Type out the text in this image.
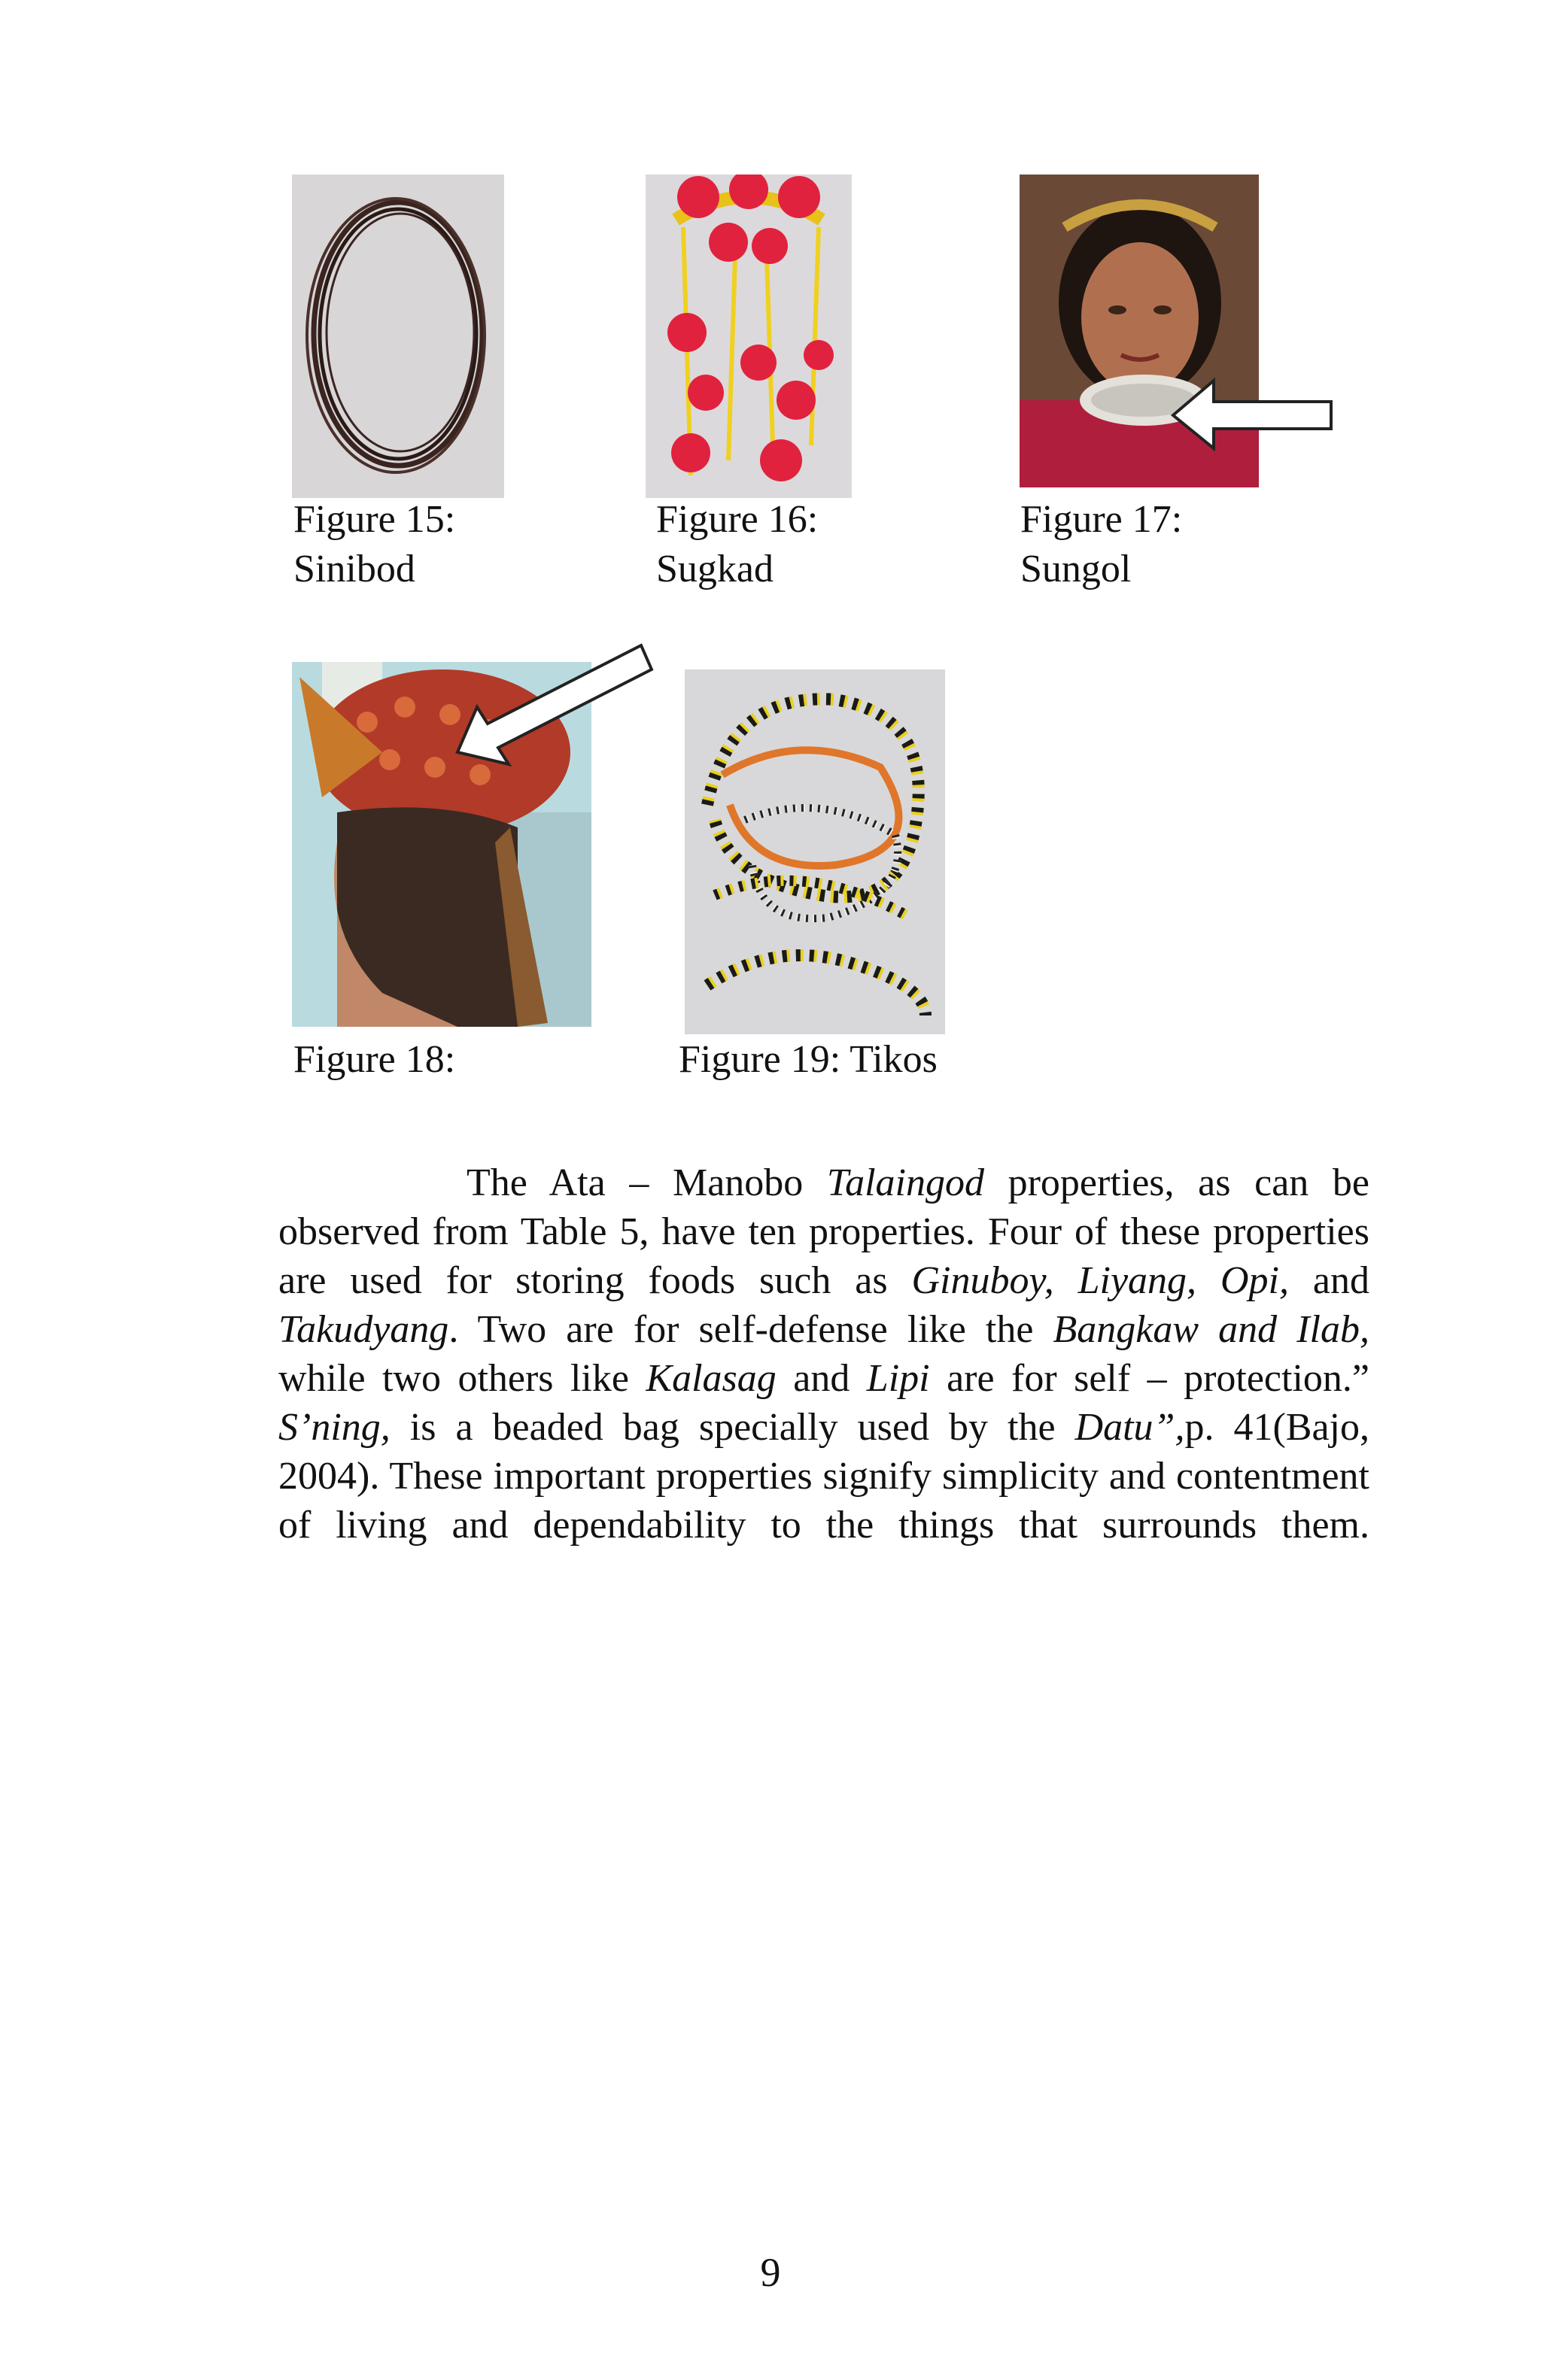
Figure 15:
Sinibod
Figure 16:
Sugkad
Figure 17:
Sungol
Figure 18:	Figure 19: Tikos
The Ata – Manobo Talaingod properties, as can be observed from Table 5, have ten properties. Four of these properties are used for storing foods such as Ginuboy, Liyang, Opi, and Takudyang. Two are for self-defense like the Bangkaw and Ilab, while two others like Kalasag and Lipi are for self – protection.” S’ning, is a beaded bag specially used by the Datu”,p. 41(Bajo, 2004). These important properties signify simplicity and contentment of living and dependability to the things that surrounds them.
9
